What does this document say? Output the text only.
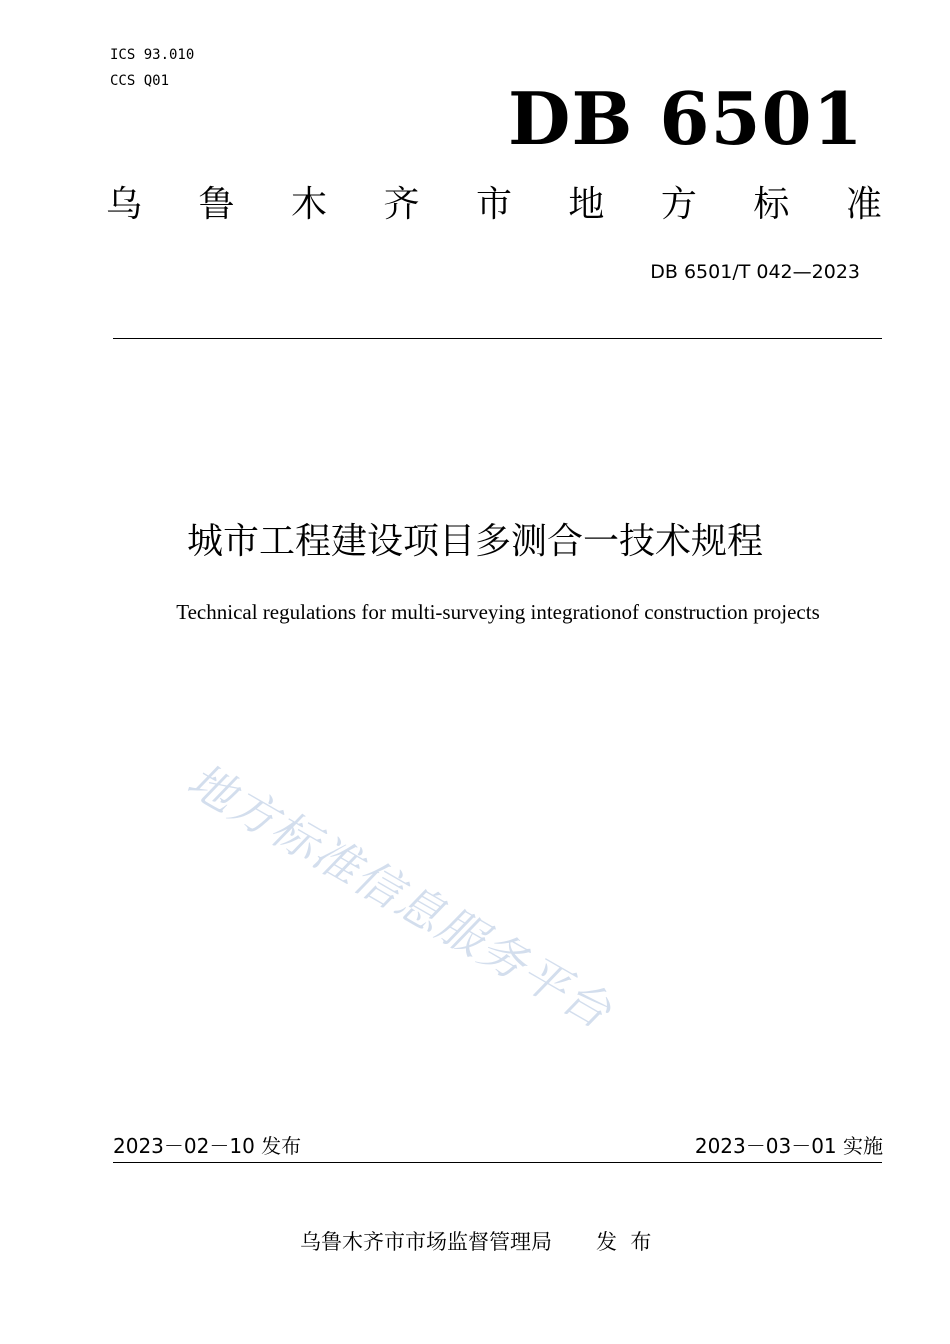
ICS 93.010

CCS Q01	DB 6501
乌 鲁 木 齐 市 地 方 标 准
DB 6501/T 042—2023
城市工程建设项目多测合一技术规程
Technical regulations for multi-surveying integrationof construction projects
地方标准信息服务平台
2023－02－10 发布	2023－03－01 实施
乌鲁木齐市市场监督管理局 发  布
